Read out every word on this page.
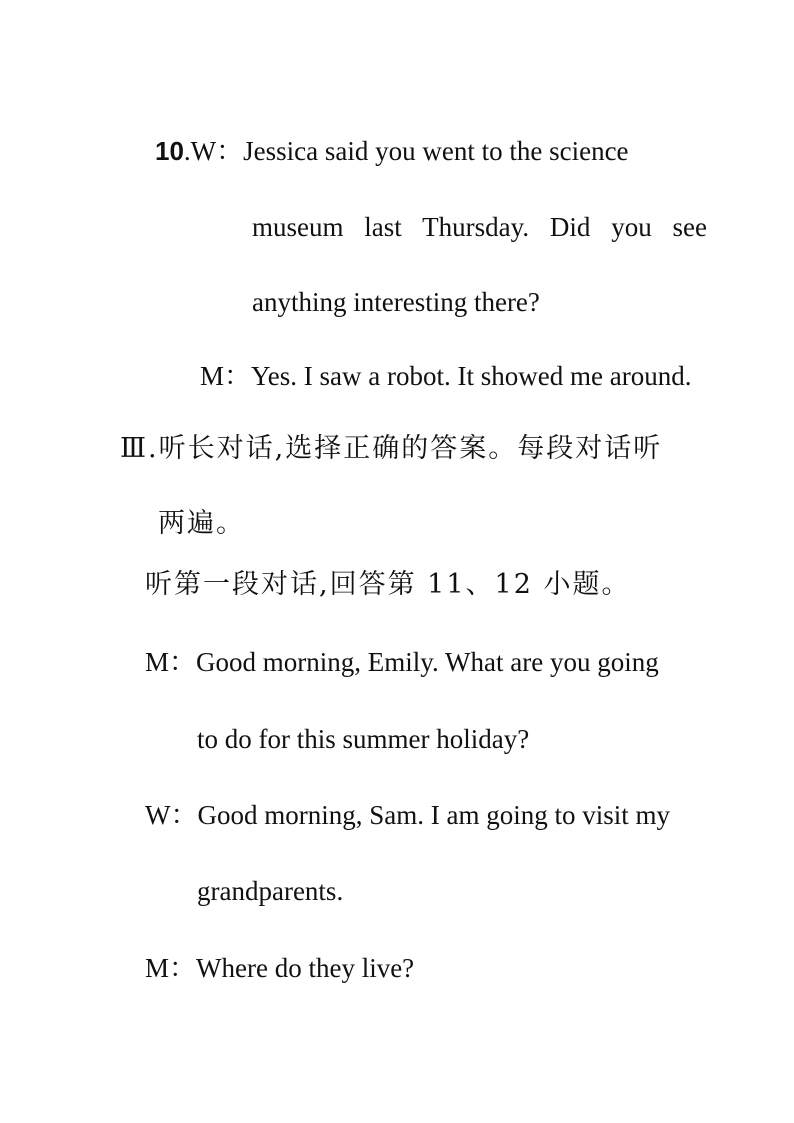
10.W：Jessica said you went to the science
museum last Thursday. Did you see
anything interesting there?
M：Yes. I saw a robot. It showed me around.
Ⅲ.听长对话,选择正确的答案。每段对话听
两遍。
听第一段对话,回答第 11、12 小题。
M：Good morning, Emily. What are you going
to do for this summer holiday?
W：Good morning, Sam. I am going to visit my
grandparents.
M：Where do they live?
